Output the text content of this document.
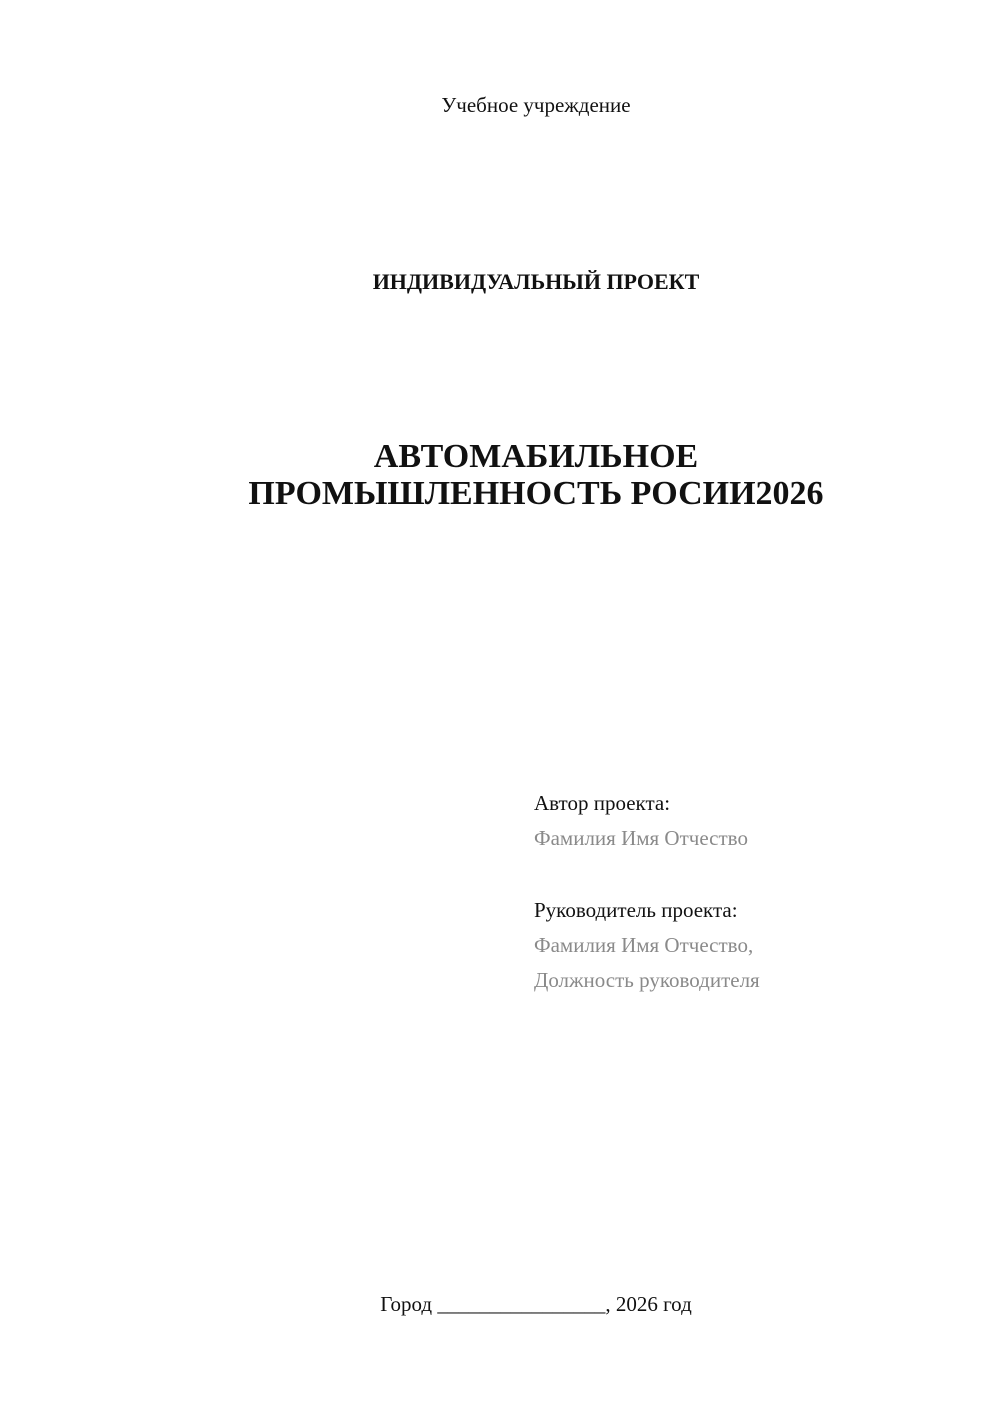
Учебное учреждение
ИНДИВИДУАЛЬНЫЙ ПРОЕКТ
АВТОМАБИЛЬНОЕ
ПРОМЫШЛЕННОСТЬ РОСИИ2026
Автор проекта:
Фамилия Имя Отчество
Руководитель проекта:
Фамилия Имя Отчество,
Должность руководителя
Город ________________, 2026 год
